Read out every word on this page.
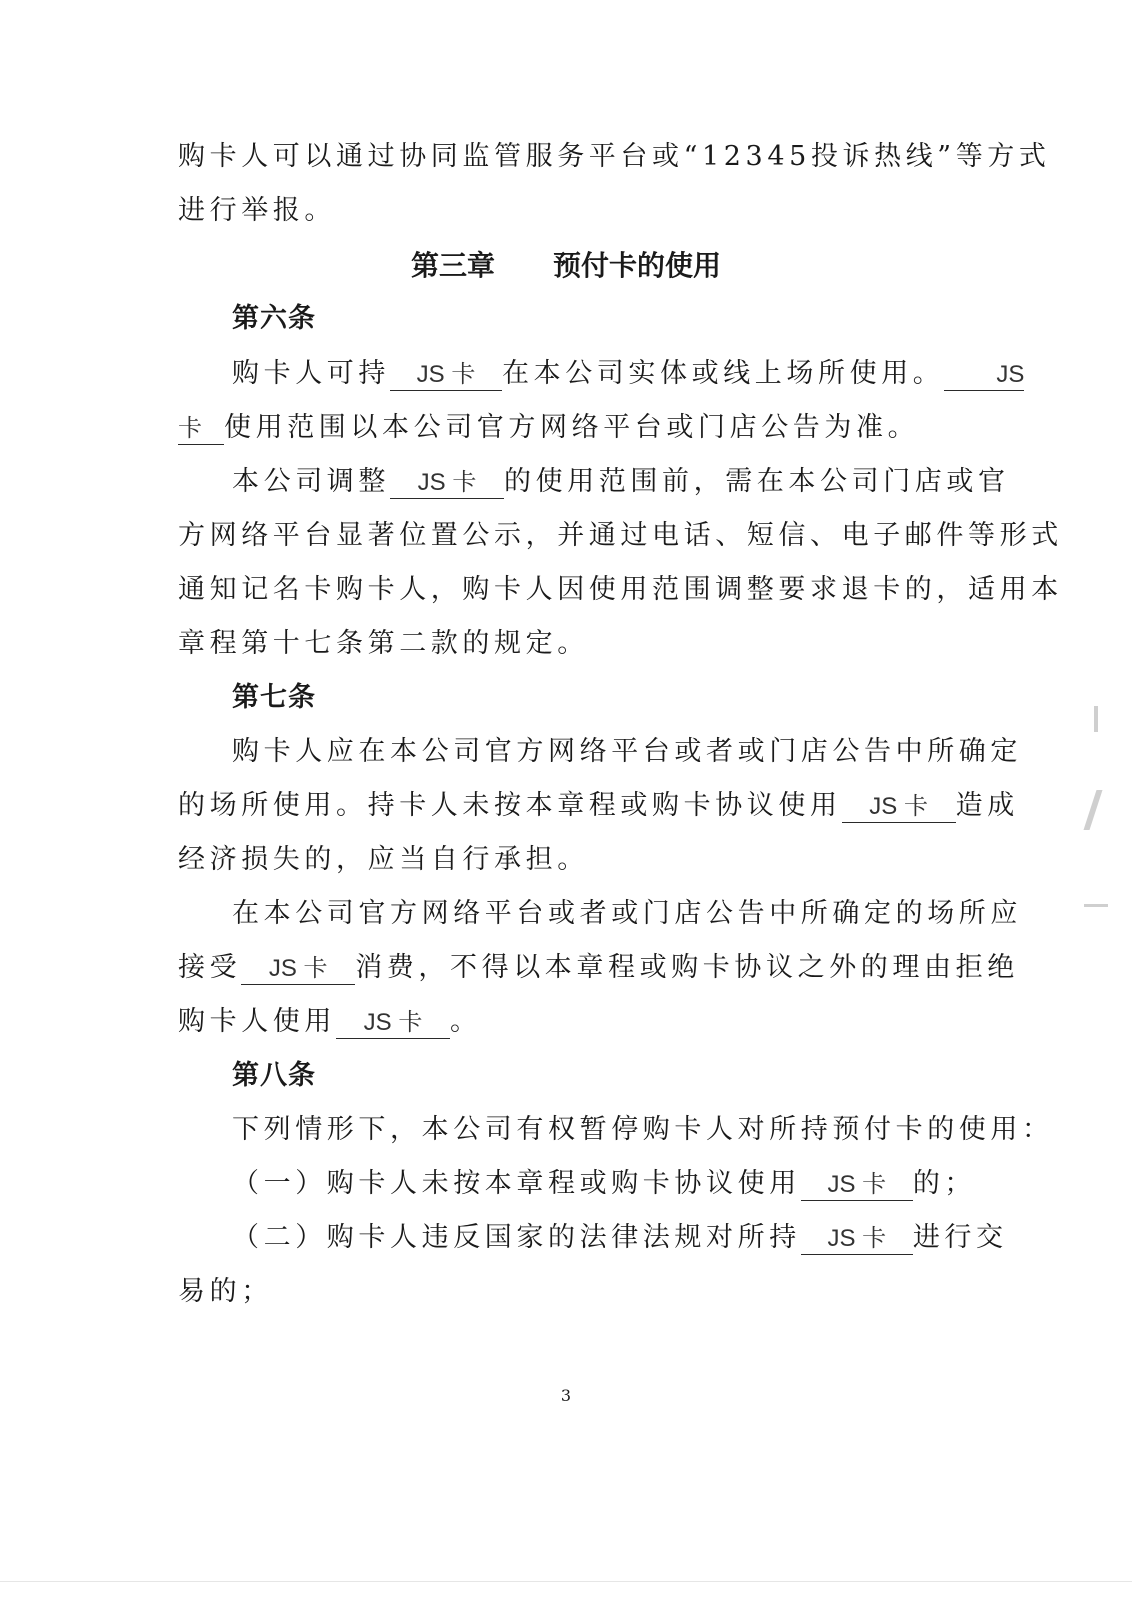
购卡人可以通过协同监管服务平台或“12345投诉热线”等方式
进行举报。
第三章 预付卡的使用
第六条
购卡人可持 JS 卡 在本公司实体或线上场所使用。 JS
卡 使用范围以本公司官方网络平台或门店公告为准。
本公司调整 JS 卡 的使用范围前，需在本公司门店或官
方网络平台显著位置公示，并通过电话、短信、电子邮件等形式
通知记名卡购卡人，购卡人因使用范围调整要求退卡的，适用本
章程第十七条第二款的规定。
第七条
购卡人应在本公司官方网络平台或者或门店公告中所确定
的场所使用。持卡人未按本章程或购卡协议使用 JS 卡 造成
经济损失的，应当自行承担。
在本公司官方网络平台或者或门店公告中所确定的场所应
接受 JS 卡 消费，不得以本章程或购卡协议之外的理由拒绝
购卡人使用 JS 卡 。
第八条
下列情形下，本公司有权暂停购卡人对所持预付卡的使用：
（一）购卡人未按本章程或购卡协议使用 JS 卡 的；
（二）购卡人违反国家的法律法规对所持 JS 卡 进行交
易的；
3
